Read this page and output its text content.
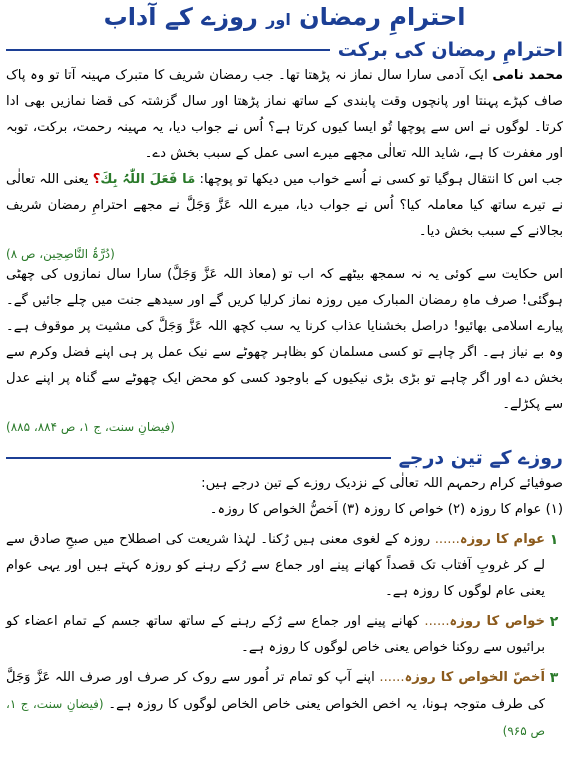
احترامِ رمضان اور روزے کے آداب
احترامِ رمضان کی برکت

محمد نامی ایک آدمی سارا سال نماز نہ پڑھتا تھا۔ جب رمضان شریف کا متبرک مہینہ آتا تو وہ پاک صاف کپڑے پہنتا اور پانچوں وقت پابندی کے ساتھ نماز پڑھتا اور سال گزشتہ کی قضا نمازیں بھی ادا کرتا۔ لوگوں نے اس سے پوچھا تُو ایسا کیوں کرتا ہے؟ اُس نے جواب دیا، یہ مہینہ رحمت، برکت، توبہ اور مغفرت کا ہے، شاید اللہ تعالٰی مجھے میرے اسی عمل کے سبب بخش دے۔

جب اس کا انتقال ہوگیا تو کسی نے اُسے خواب میں دیکھا تو پوچھا: مَا فَعَلَ اللّٰہُ بِكَ؟ یعنی اللہ تعالٰی نے تیرے ساتھ کیا معاملہ کیا؟ اُس نے جواب دیا، میرے اللہ عَزَّ وَجَلَّ نے مجھے احترامِ رمضان شریف بجالانے کے سبب بخش دیا۔

(دُرَّۃُ النَّاصِحِین، ص ۸)

اس حکایت سے کوئی یہ نہ سمجھ بیٹھے کہ اب تو (معاذ اللہ عَزَّ وَجَلَّ) سارا سال نمازوں کی چھٹی ہوگئی! صرف ماہِ رمضان المبارک میں روزہ نماز کرلیا کریں گے اور سیدھے جنت میں چلے جائیں گے۔ پیارے اسلامی بھائیو! دراصل بخشنایا عذاب کرنا یہ سب کچھ اللہ عَزَّ وَجَلَّ کی مشیت پر موقوف ہے۔ وہ بے نیاز ہے۔ اگر چاہے تو کسی مسلمان کو بظاہر چھوٹے سے نیک عمل پر ہی اپنے فضل وکرم سے بخش دے اور اگر چاہے تو بڑی بڑی نیکیوں کے باوجود کسی کو محض ایک چھوٹے سے گناہ پر اپنے عدل سے پکڑلے۔

(فیضانِ سنت، ج ۱، ص ۸۸۴، ۸۸۵)
روزے کے تین درجے

صوفیائے کرام رحمہم اللہ تعالٰی کے نزدیک روزے کے تین درجے ہیں:

(۱) عوام کا روزہ (۲) خواص کا روزہ (۳) اَخصُّ الخواص کا روزہ۔

۱

عوام کا روزہ...... روزہ کے لغوی معنی ہیں رُکنا۔ لہٰذا شریعت کی اصطلاح میں صبحِ صادق سے لے کر غروبِ آفتاب تک قصداً کھانے پینے اور جماع سے رُکے رہنے کو روزہ کہتے ہیں اور یہی عوام یعنی عام لوگوں کا روزہ ہے۔

۲

خواص کا روزہ...... کھانے پینے اور جماع سے رُکے رہنے کے ساتھ ساتھ جسم کے تمام اعضاء کو برائیوں سے روکنا خواص یعنی خاص لوگوں کا روزہ ہے۔

۳

اَخصّ الخواص کا روزہ...... اپنے آپ کو تمام تر اُمور سے روک کر صرف اور صرف اللہ عَزَّ وَجَلَّ کی طرف متوجہ ہونا، یہ اخص الخواص یعنی خاص الخاص لوگوں کا روزہ ہے۔ (فیضانِ سنت، ج ۱، ص ۹۶۵)
